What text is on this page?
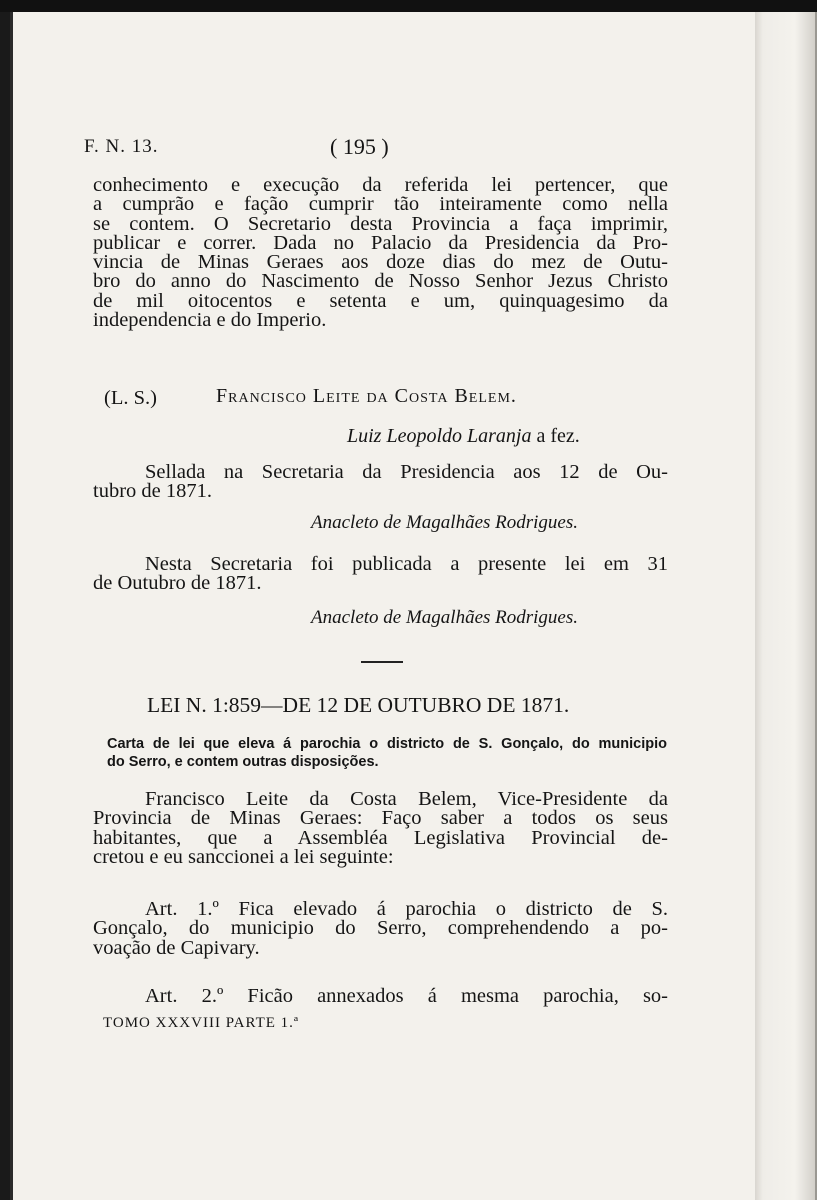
F. N. 13.	( 195 )
conhecimento e execução da referida lei pertencer, que
a cumprão e fação cumprir tão inteiramente como nella
se contem. O Secretario desta Provincia a faça imprimir,
publicar e correr. Dada no Palacio da Presidencia da Pro-
vincia de Minas Geraes aos doze dias do mez de Outu-
bro do anno do Nascimento de Nosso Senhor Jezus Christo
de mil oitocentos e setenta e um, quinquagesimo da
independencia e do Imperio.
(L. S.)	Francisco Leite da Costa Belem.
Luiz Leopoldo Laranja a fez.
Sellada na Secretaria da Presidencia aos 12 de Ou-
tubro de 1871.
Anacleto de Magalhães Rodrigues.
Nesta Secretaria foi publicada a presente lei em 31
de Outubro de 1871.
Anacleto de Magalhães Rodrigues.
LEI N. 1:859—DE 12 DE OUTUBRO DE 1871.
Carta de lei que eleva á parochia o districto de S. Gonçalo, do municipio
do Serro, e contem outras disposições.
Francisco Leite da Costa Belem, Vice-Presidente da
Provincia de Minas Geraes: Faço saber a todos os seus
habitantes, que a Assembléa Legislativa Provincial de-
cretou e eu sanccionei a lei seguinte:
Art. 1.º Fica elevado á parochia o districto de S.
Gonçalo, do municipio do Serro, comprehendendo a po-
voação de Capivary.
Art. 2.º Ficão annexados á mesma parochia, so-
TOMO XXXVIII PARTE 1.ª
